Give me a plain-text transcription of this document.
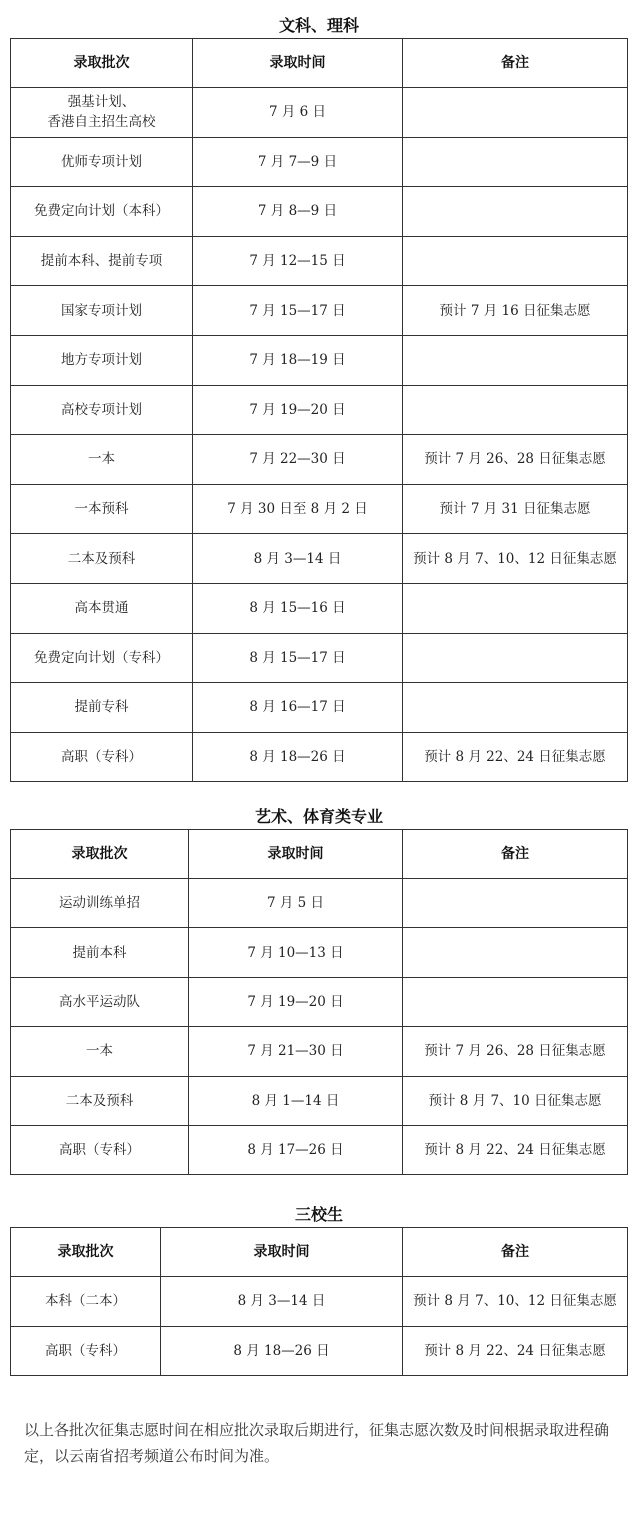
文科、理科
录取批次	录取时间	备注
强基计划、
香港自主招生高校	7 月 6 日	
优师专项计划	7 月 7—9 日	
免费定向计划（本科）	7 月 8—9 日	
提前本科、提前专项	7 月 12—15 日	
国家专项计划	7 月 15—17 日	预计 7 月 16 日征集志愿
地方专项计划	7 月 18—19 日	
高校专项计划	7 月 19—20 日	
一本	7 月 22—30 日	预计 7 月 26、28 日征集志愿
一本预科	7 月 30 日至 8 月 2 日	预计 7 月 31 日征集志愿
二本及预科	8 月 3—14 日	预计 8 月 7、10、12 日征集志愿
高本贯通	8 月 15—16 日	
免费定向计划（专科）	8 月 15—17 日	
提前专科	8 月 16—17 日	
高职（专科）	8 月 18—26 日	预计 8 月 22、24 日征集志愿
艺术、体育类专业
录取批次	录取时间	备注
运动训练单招	7 月 5 日	
提前本科	7 月 10—13 日	
高水平运动队	7 月 19—20 日	
一本	7 月 21—30 日	预计 7 月 26、28 日征集志愿
二本及预科	8 月 1—14 日	预计 8 月 7、10 日征集志愿
高职（专科）	8 月 17—26 日	预计 8 月 22、24 日征集志愿
三校生
录取批次	录取时间	备注
本科（二本）	8 月 3—14 日	预计 8 月 7、10、12 日征集志愿
高职（专科）	8 月 18—26 日	预计 8 月 22、24 日征集志愿

以上各批次征集志愿时间在相应批次录取后期进行，征集志愿次数及时间根据录取进程确定，以云南省招考频道公布时间为准。
